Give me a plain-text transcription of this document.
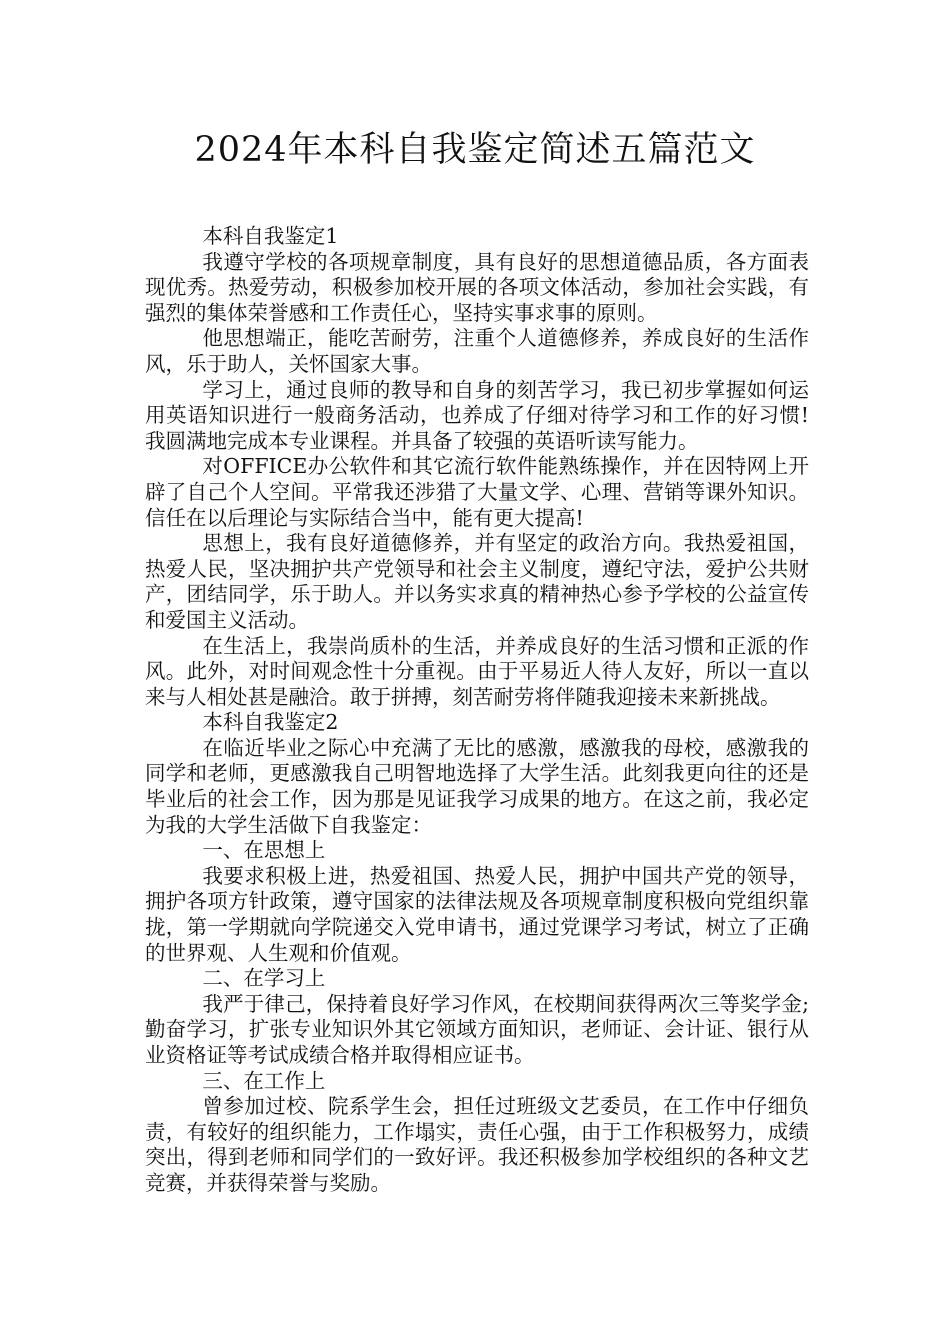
2024年本科自我鉴定简述五篇范文

本科自我鉴定1

我遵守学校的各项规章制度，具有良好的思想道德品质，各方面表现优秀。热爱劳动，积极参加校开展的各项文体活动，参加社会实践，有强烈的集体荣誉感和工作责任心，坚持实事求事的原则。

他思想端正，能吃苦耐劳，注重个人道德修养，养成良好的生活作风，乐于助人，关怀国家大事。

学习上，通过良师的教导和自身的刻苦学习，我已初步掌握如何运用英语知识进行一般商务活动，也养成了仔细对待学习和工作的好习惯!我圆满地完成本专业课程。并具备了较强的英语听读写能力。

对OFFICE办公软件和其它流行软件能熟练操作，并在因特网上开辟了自己个人空间。平常我还涉猎了大量文学、心理、营销等课外知识。信任在以后理论与实际结合当中，能有更大提高!

思想上，我有良好道德修养，并有坚定的政治方向。我热爱祖国，热爱人民，坚决拥护共产党领导和社会主义制度，遵纪守法，爱护公共财产，团结同学，乐于助人。并以务实求真的精神热心参予学校的公益宣传和爱国主义活动。

在生活上，我崇尚质朴的生活，并养成良好的生活习惯和正派的作风。此外，对时间观念性十分重视。由于平易近人待人友好，所以一直以来与人相处甚是融洽。敢于拼搏，刻苦耐劳将伴随我迎接未来新挑战。

本科自我鉴定2

在临近毕业之际心中充满了无比的感激，感激我的母校，感激我的同学和老师，更感激我自己明智地选择了大学生活。此刻我更向往的还是毕业后的社会工作，因为那是见证我学习成果的地方。在这之前，我必定为我的大学生活做下自我鉴定：

一、在思想上

我要求积极上进，热爱祖国、热爱人民，拥护中国共产党的领导，拥护各项方针政策，遵守国家的法律法规及各项规章制度积极向党组织靠拢，第一学期就向学院递交入党申请书，通过党课学习考试，树立了正确的世界观、人生观和价值观。

二、在学习上

我严于律己，保持着良好学习作风，在校期间获得两次三等奖学金;勤奋学习，扩张专业知识外其它领域方面知识，老师证、会计证、银行从业资格证等考试成绩合格并取得相应证书。

三、在工作上

曾参加过校、院系学生会，担任过班级文艺委员，在工作中仔细负责，有较好的组织能力，工作塌实，责任心强，由于工作积极努力，成绩突出，得到老师和同学们的一致好评。我还积极参加学校组织的各种文艺竞赛，并获得荣誉与奖励。
